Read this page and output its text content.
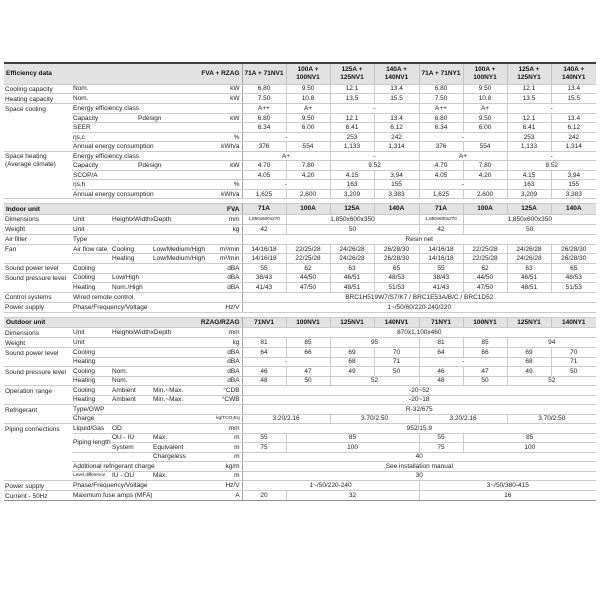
Efficiency data			FVA + RZAG	71A + 71NV1	100A + 100NV1	125A + 125NV1	140A + 140NV1	71A + 71NY1	100A + 100NY1	125A + 125NY1	140A + 140NY1
Cooling capacity	Nom.		kW	6.80	9.50	12.1	13.4	6.80	9.50	12.1	13.4
Heating capacity	Nom.		kW	7.50	10.8	13.5	15.5	7.50	10.8	13.5	15.5
Space cooling	Energy efficiency class			A++	A+	-		A++	A+	-	
	Capacity	Pdesign	kW	6.80	9.50	12.1	13.4	6.80	9.50	12.1	13.4
	SEER			6.34	6.00	6.41	6.12	6.34	6.00	6.41	6.12
	ηs,c		%	-		253	242	-		253	242
	Annual energy consumption		kWh/a	376	554	1,133	1,314	376	554	1,133	1,314
Space heating (Average climate)	Energy efficiency class			A+		-		A+		-	
	Capacity	Pdesign	kW	4.70	7.80	9.52		4.70	7.80	9.52	
	SCOP/A			4.05	4.20	4.15	3.94	4.05	4.20	4.15	3.94
	ηs,h		%	-		163	155	-		163	155
	Annual energy consumption		kWh/a	1,625	2,600	3,209	3,383	1,625	2,600	3,209	3,383
Indoor unit				FVA	71A	100A	125A	140A	71A	100A	125A	140A
Dimensions	Unit	HeightxWidthxDepth		mm	1,850x600x270	1,850x600x350			1,850x600x270	1,850x600x350		
Weight	Unit			kg	42	50			42	50		
Air filter	Type				Resin net							
Fan	Air flow rate	Cooling	Low/Medium/High	m³/min	14/16/18	22/25/28	24/26/28	26/28/30	14/16/18	22/25/28	24/26/28	26/28/30
		Heating	Low/Medium/High	m³/min	14/16/18	22/25/28	24/26/28	26/28/30	14/16/18	22/25/28	24/26/28	26/28/30
Sound power level	Cooling			dBA	55	62	63	65	55	62	63	65
Sound pressure level	Cooling	Low/High		dBA	38/43	44/50	46/51	48/53	38/43	44/50	46/51	48/53
	Heating	Nom./High		dBA	41/43	47/50	48/51	51/53	41/43	47/50	48/51	51/53
Control systems	Wired remote control				BRC1H519W7/S7/K7 / BRC1E53A/B/C / BRC1D52							
Power supply	Phase/Frequency/Voltage			Hz/V	1~/50/60/220-240/220							
Outdoor unit				RZAG/RZAG	71NV1	100NV1	125NV1	140NV1	71NY1	100NY1	125NY1	140NY1
Dimensions	Unit	HeightxWidthxDepth		mm	870x1,100x460							
Weight	Unit			kg	81	85	95		81	85	94	
Sound power level	Cooling			dBA	64	66	69	70	64	66	69	70
	Heating			dBA	-		68	71	-		68	71
Sound pressure level	Cooling	Nom.		dBA	46	47	49	50	46	47	49	50
	Heating	Nom.		dBA	48	50	52		48	50	52	
Operation range	Cooling	Ambient	Min.~Max.	°CDB	-20~52							
	Heating	Ambient	Min.~Max.	°CWB	-20~18							
Refrigerant	Type/GWP				R-32/675							
	Charge			kg/TCO₂Eq	3.20/2.16		3.70/2.50		3.20/2.16		3.70/2.50	
Piping connections	Liquid/Gas	OD		mm	952/15.9							
	Piping length	OU - IU	Max.	m	55	85			55	85		
		System	Equivalent	m	75	100			75	100		
			Chargeless	m	40							
	Additional refrigerant charge			kg/m	See installation manual							
	Level difference	IU - OU	Max.	m	30							
Power supply	Phase/Frequency/Voltage			Hz/V	1~/50/220-240				3~/50/380-415			
Current - 50Hz	Maximum fuse amps (MFA)			A	20	32			16			
